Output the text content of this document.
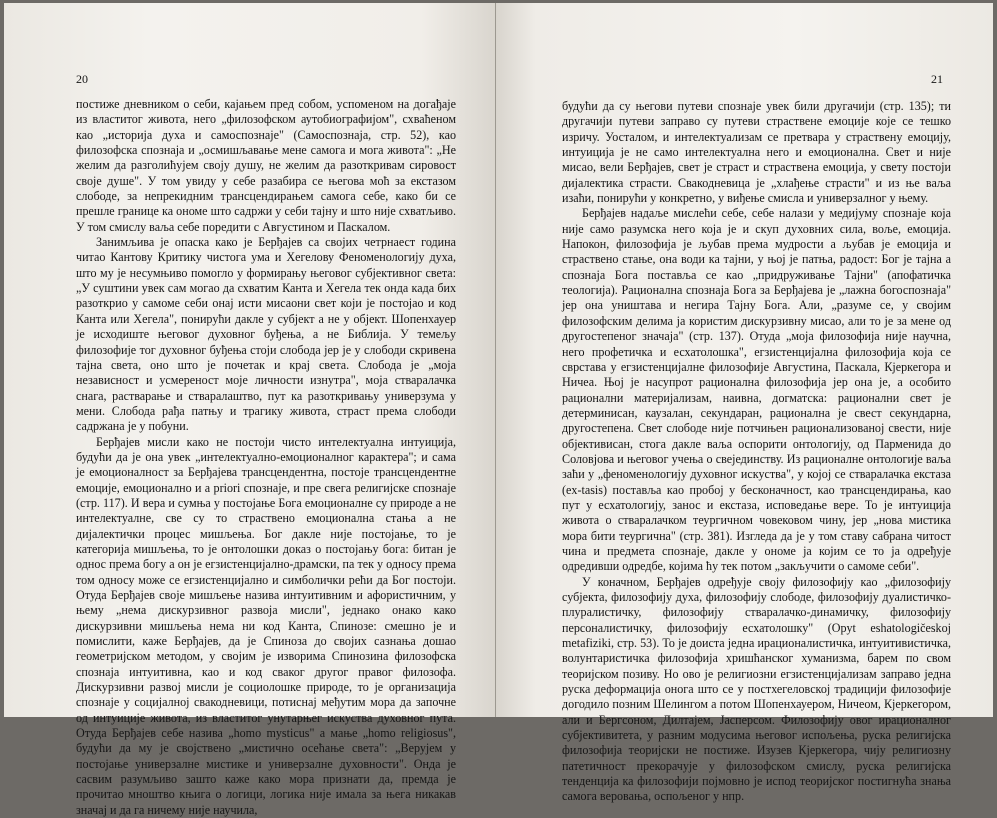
20

постиже дневником о себи, кајањем пред собом, успоменом на догађаје из властитог живота, него „филозофском аутобиографијом", схваћеном као „историја духа и самоспознаје" (Самоспознаја, стр. 52), као филозофска спознаја и „осмишљавање мене самога и мога живота": „Не желим да разголићујем своју душу, не желим да разоткривам сировост своје душе". У том увиду у себе разабира се његова моћ за екстазом слободе, за непрекидним трансцендирањем самога себе, како би се прешле границе ка ономе што садржи у себи тајну и што није схватљиво. У том смислу ваља себе поредити с Августином и Паскалом.

Занимљива је опаска како је Берђајев са својих четрнаест година читао Кантову Критику чистога ума и Хегелову Феноменологију духа, што му је несумњиво помогло у формирању његовог субјективног света: „У суштини увек сам могао да схватим Канта и Хегела тек онда када бих разоткрио у самоме себи онај исти мисаони свет који је постојао и код Канта или Хегела", понирући дакле у субјект а не у објект. Шопенхауер је исходиште његовог духовног буђења, а не Библија. У темељу филозофије тог духовног буђења стоји слобода јер је у слободи скривена тајна света, оно што је почетак и крај света. Слобода је „моја независност и усмереност моје личности изнутра", моја стваралачка снага, растварање и стваралаштво, пут ка разоткривању универзума у мени. Слобода рађа патњу и трагику живота, страст према слободи садржана је у побуни.

Берђајев мисли како не постоји чисто интелектуална интуиција, будући да је она увек „интелектуално-емоционалног карактера"; и сама је емоционалност за Берђајева трансцендентна, постоје трансцендентне емоције, емоционално и a priori спознаје, и пре свега религијске спознаје (стр. 117). И вера и сумња у постојање Бога емоционалне су природе а не интелектуалне, све су то страствено емоционална стања а не дијалектички процес мишљења. Бог дакле није постојање, то је категорија мишљења, то је онтолошки доказ о постојању бога: битан је однос према богу а он је егзистенцијално-драмски, па тек у односу према том односу може се егзистенцијално и симболички рећи да Бог постоји. Отуда Берђајев своје мишљење назива интуитивним и афористичним, у њему „нема дискурзивног развоја мисли", једнако онако како дискурзивни мишљења нема ни код Канта, Спинозе: смешно је и помислити, каже Берђајев, да је Спиноза до својих сазнања дошао геометријском методом, у својим је изворима Спинозина филозофска спознаја интуитивна, као и код сваког другог правог филозофа. Дискурзивни развој мисли је социолошке природе, то је организација спознаје у социјалној свакодневици, потиснај међутим мора да започне од интуиције живота, из властитог унутарњег искуства духовног пута. Отуда Берђајев себе назива „homo mysticus" а мање „homo religiosus", будући да му је својствено „мистично осећање света": „Верујем у постојање универзалне мистике и универзалне духовности". Онда је сасвим разумљиво зашто каже како мора признати да, премда је прочитао мноштво књига о логици, логика није имала за њега никакав значај и да га ничему није научила,

21

будући да су његови путеви спознаје увек били другачији (стр. 135); ти другачији путеви заправо су путеви страствене емоције које се тешко изричу. Уосталом, и интелектуализам се претвара у страствену емоцију, интуиција је не само интелектуална него и емоционална. Свет и није мисао, вели Берђајев, свет је страст и страствена емоција, у свету постоји дијалектика страсти. Свакодневица је „хлађење страсти" и из ње ваља изаћи, понирући у конкретно, у виђење смисла и универзалног у њему.

Берђајев надаље мислећи себе, себе налази у медијуму спознаје која није само разумска него која је и скуп духовних сила, воље, емоција. Напокон, филозофија је љубав према мудрости а љубав је емоција и страствено стање, она води ка тајни, у њој је патња, радост: Бог је тајна а спознаја Бога постављa се као „придруживање Тајни" (апофатичка теологија). Рационална спознаја Бога за Берђајева је „лажна богоспознаја" јер она уништава и негира Тајну Бога. Али, „разуме се, у својим филозофским делима ја користим дискурзивну мисао, али то је за мене од другостепеног значаја" (стр. 137). Отуда „моја филозофија није научна, него профетичка и есхатолошка", егзистенцијална филозофија која се сврстава у егзистенцијалне филозофије Августина, Паскала, Кјеркегора и Ничеа. Њој је насупрот рационална филозофија јер она је, а особито рационални материјализам, наивна, догматска: рационални свет је детерминисан, каузалан, секундаран, рационална је свест секундарна, другостепена. Свет слободе није потчињен рационализованој свести, није објективисан, стога дакле ваља оспорити онтологију, од Парменида до Соловјова и његовог учења о свејединству. Из рационалне онтологије ваља заћи у „феноменологију духовног искуства", у којој се стваралачка екстаза (ex-tasis) поставља као пробој у бесконачност, као трансцендирања, као пут у есхатологију, занос и екстаза, исповедање вере. То је интуиција живота о стваралачком теургичном човековом чину, јер „нова мистика мора бити теургична" (стр. 381). Изгледа да је у том ставу сабрана читост чина и предмета спознаје, дакле у ономе ја којим се то ја одређује одредивши одредбе, којима ћу тек потом „закључити о самоме себи".

У коначном, Берђајев одређује своју филозофију као „филозофију субјекта, филозофију духа, филозофију слободе, филозофију дуалистичко-плуралистичку, филозофију стваралачко-динамичку, филозофију персоналистичку, филозофију есхатолошку" (Opyt eshatologičeskoj metafiziki, стр. 53). То је доиста једна ирационалистичка, интуитивистичка, волунтаристичка филозофија хришћанског хуманизма, барем по свом теоријском позиву. Но ово је религиозни егзистенцијализам заправо једна руска деформација онога што се у постхегеловској традицији филозофије догодило позним Шелингом а потом Шопенхауером, Ничеом, Кјеркегором, али и Бергсоном, Дилтајем, Јасперсом. Филозофију овог ирационалног субјективитета, у разним модусима његовог испољења, руска религијска филозофија теоријски не постиже. Изузев Кјеркегора, чију религиозну патетичност прекорачује у филозофском смислу, руска религијска тенденција ка филозофији појмовно је испод теоријског постигнућа знања самога веровања, оспољеног у нпр.
